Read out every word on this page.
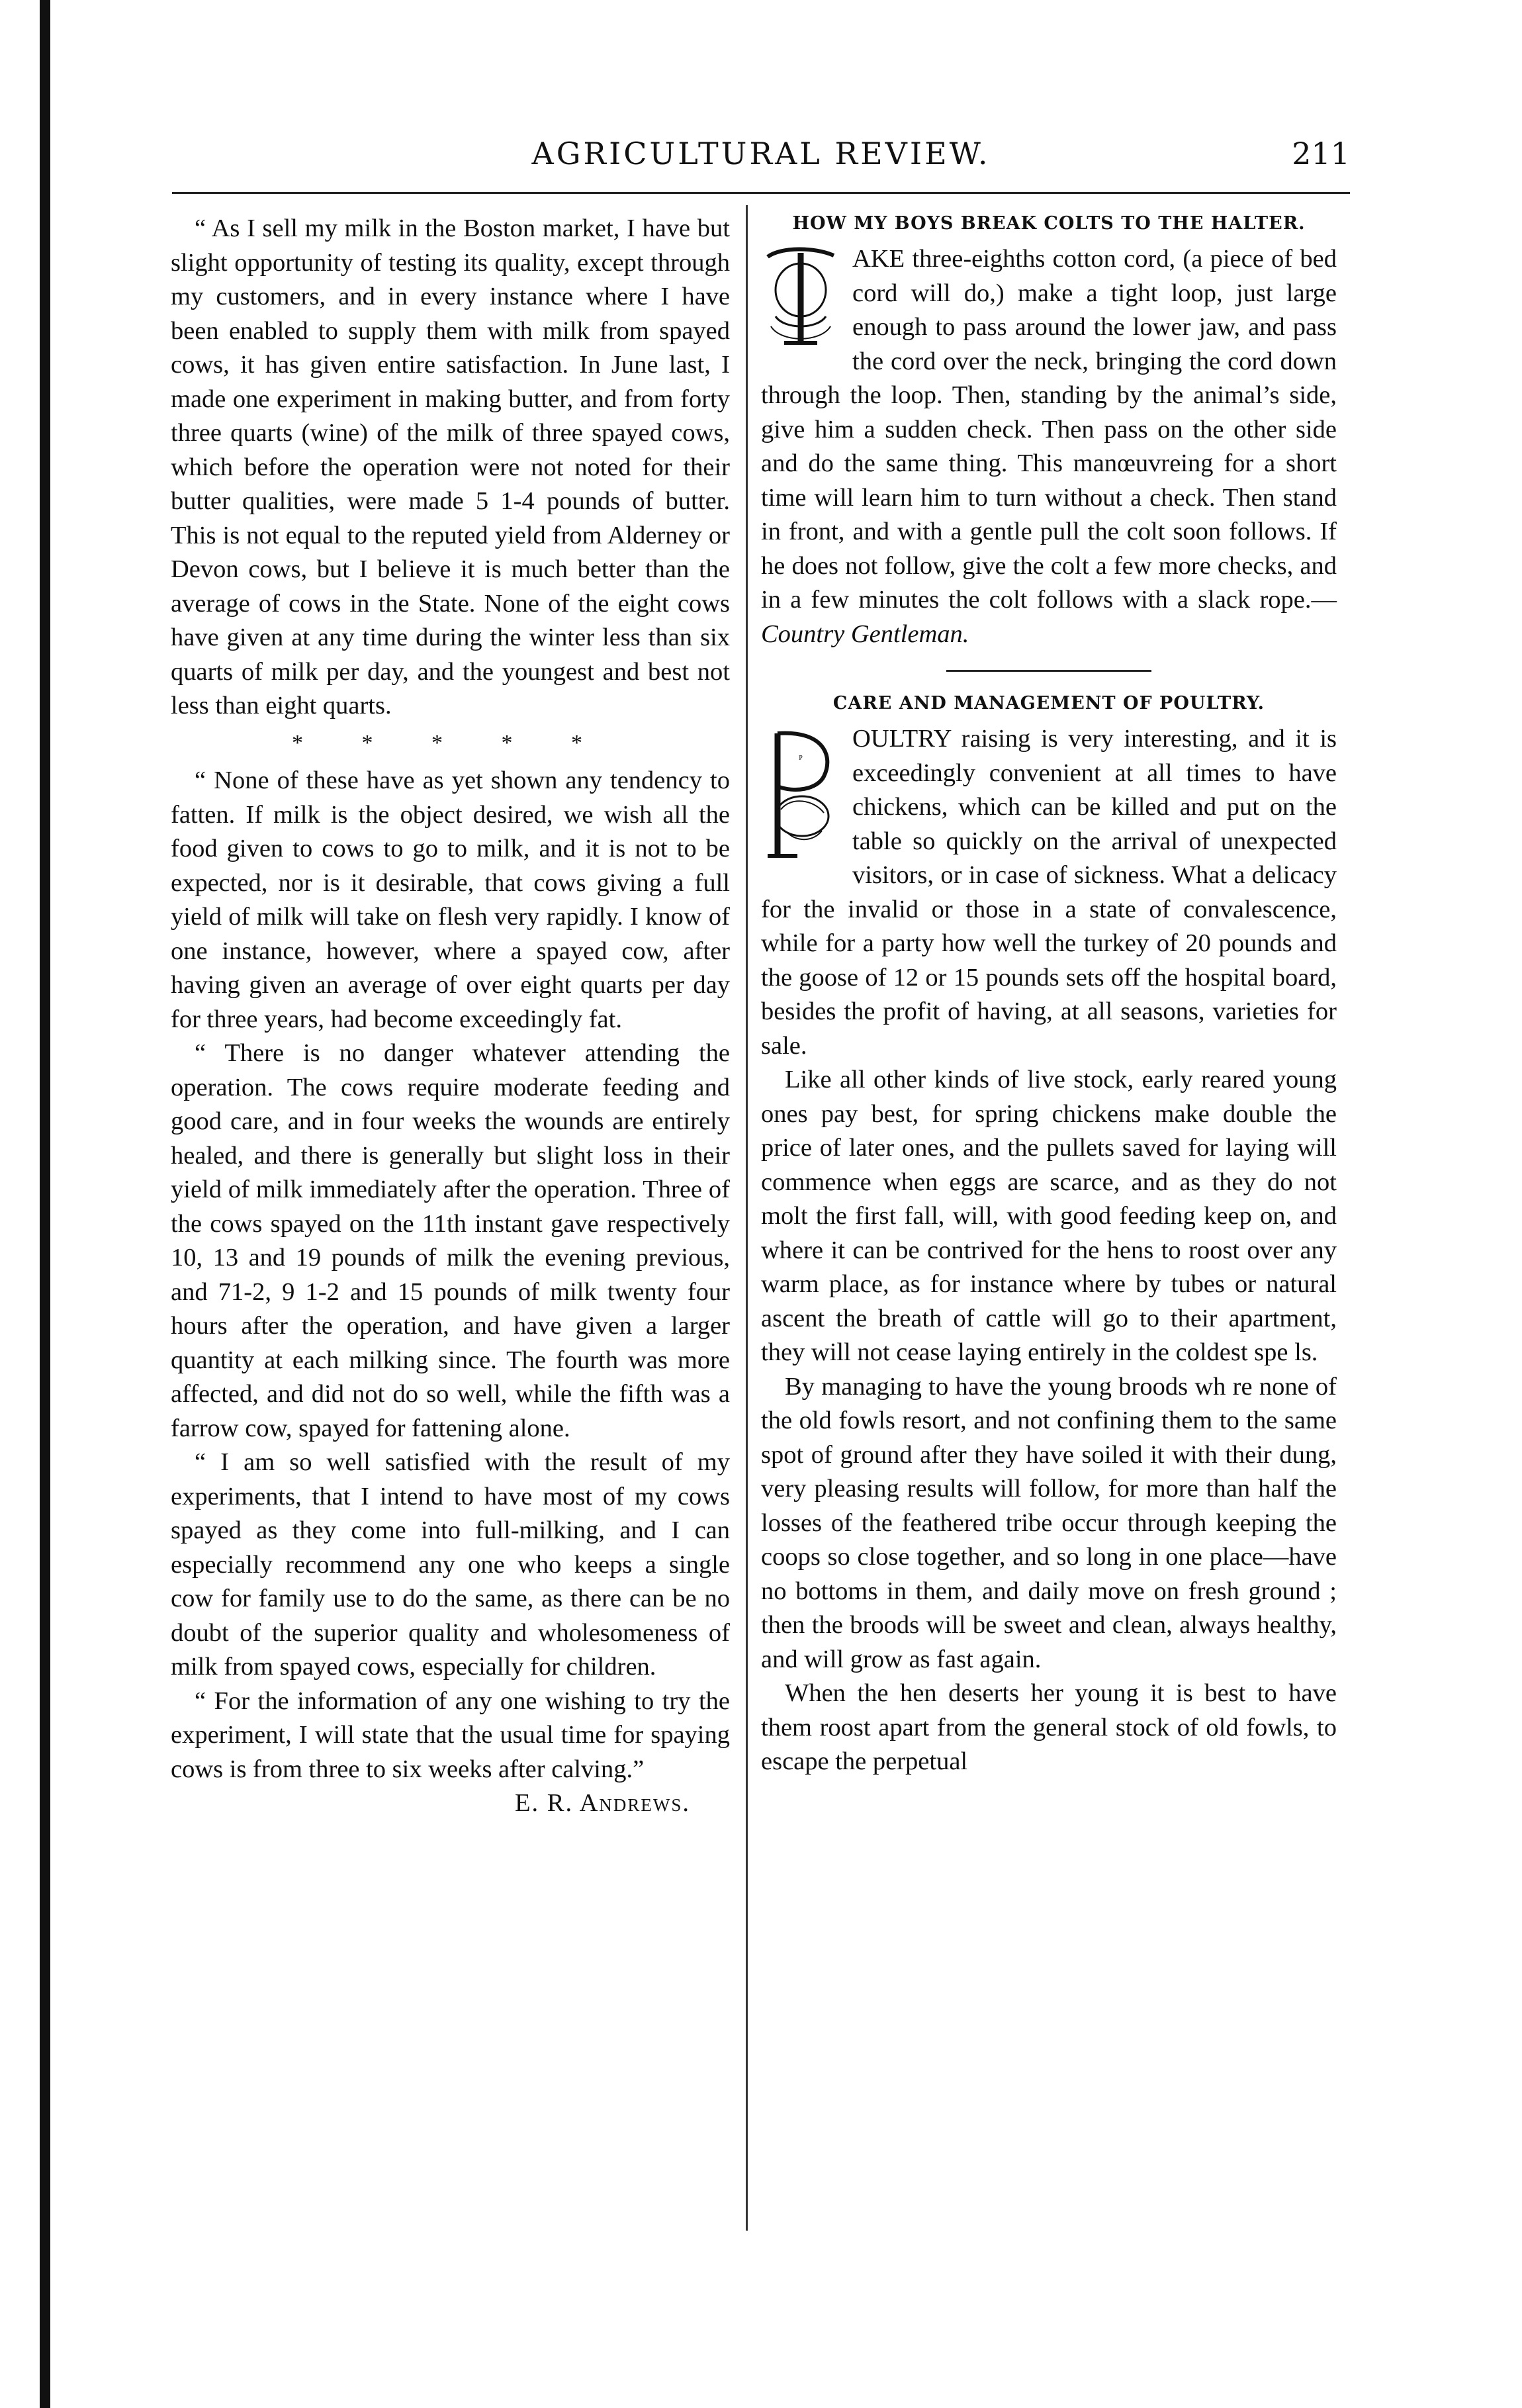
AGRICULTURAL REVIEW.	211

“ As I sell my milk in the Boston market, I have but slight opportunity of testing its quality, except through my customers, and in every instance where I have been enabled to supply them with milk from spayed cows, it has given entire satisfaction. In June last, I made one experiment in making butter, and from forty three quarts (wine) of the milk of three spayed cows, which before the operation were not noted for their butter qualities, were made 5 1-4 pounds of butter. This is not equal to the reputed yield from Alderney or Devon cows, but I believe it is much better than the average of cows in the State. None of the eight cows have given at any time during the winter less than six quarts of milk per day, and the youngest and best not less than eight quarts.

* * * * *

“ None of these have as yet shown any tendency to fatten. If milk is the object desired, we wish all the food given to cows to go to milk, and it is not to be expected, nor is it desirable, that cows giving a full yield of milk will take on flesh very rapidly. I know of one instance, however, where a spayed cow, after having given an average of over eight quarts per day for three years, had become exceedingly fat.

“ There is no danger whatever attending the operation. The cows require moderate feeding and good care, and in four weeks the wounds are entirely healed, and there is generally but slight loss in their yield of milk immediately after the operation. Three of the cows spayed on the 11th instant gave respectively 10, 13 and 19 pounds of milk the evening previous, and 71-2, 9 1-2 and 15 pounds of milk twenty four hours after the operation, and have given a larger quantity at each milking since. The fourth was more affected, and did not do so well, while the fifth was a farrow cow, spayed for fattening alone.

“ I am so well satisfied with the result of my experiments, that I intend to have most of my cows spayed as they come into full-milking, and I can especially recommend any one who keeps a single cow for family use to do the same, as there can be no doubt of the superior quality and wholesomeness of milk from spayed cows, especially for children.

“ For the information of any one wishing to try the experiment, I will state that the usual time for spaying cows is from three to six weeks after calving.”

E. R. Andrews.
HOW MY BOYS BREAK COLTS TO THE HALTER.

T
AKE three-eighths cotton cord, (a piece of bed cord will do,) make a tight loop, just large enough to pass around the lower jaw, and pass the cord over the neck, bringing the cord down through the loop. Then, standing by the animal’s side, give him a sudden check. Then pass on the other side and do the same thing. This manœuvreing for a short time will learn him to turn without a check. Then stand in front, and with a gentle pull the colt soon follows. If he does not follow, give the colt a few more checks, and in a few minutes the colt follows with a slack rope.— Country Gentleman.

CARE AND MANAGEMENT OF POULTRY.

P
OULTRY raising is very interesting, and it is exceedingly convenient at all times to have chickens, which can be killed and put on the table so quickly on the arrival of unexpected visitors, or in case of sickness. What a delicacy for the invalid or those in a state of convalescence, while for a party how well the turkey of 20 pounds and the goose of 12 or 15 pounds sets off the hospital board, besides the profit of having, at all seasons, varieties for sale.

Like all other kinds of live stock, early reared young ones pay best, for spring chickens make double the price of later ones, and the pullets saved for laying will commence when eggs are scarce, and as they do not molt the first fall, will, with good feeding keep on, and where it can be contrived for the hens to roost over any warm place, as for instance where by tubes or natural ascent the breath of cattle will go to their apartment, they will not cease laying entirely in the coldest spe ls.

By managing to have the young broods wh re none of the old fowls resort, and not confining them to the same spot of ground after they have soiled it with their dung, very pleasing results will follow, for more than half the losses of the feathered tribe occur through keeping the coops so close together, and so long in one place—have no bottoms in them, and daily move on fresh ground ; then the broods will be sweet and clean, always healthy, and will grow as fast again.

When the hen deserts her young it is best to have them roost apart from the general stock of old fowls, to escape the perpetual
